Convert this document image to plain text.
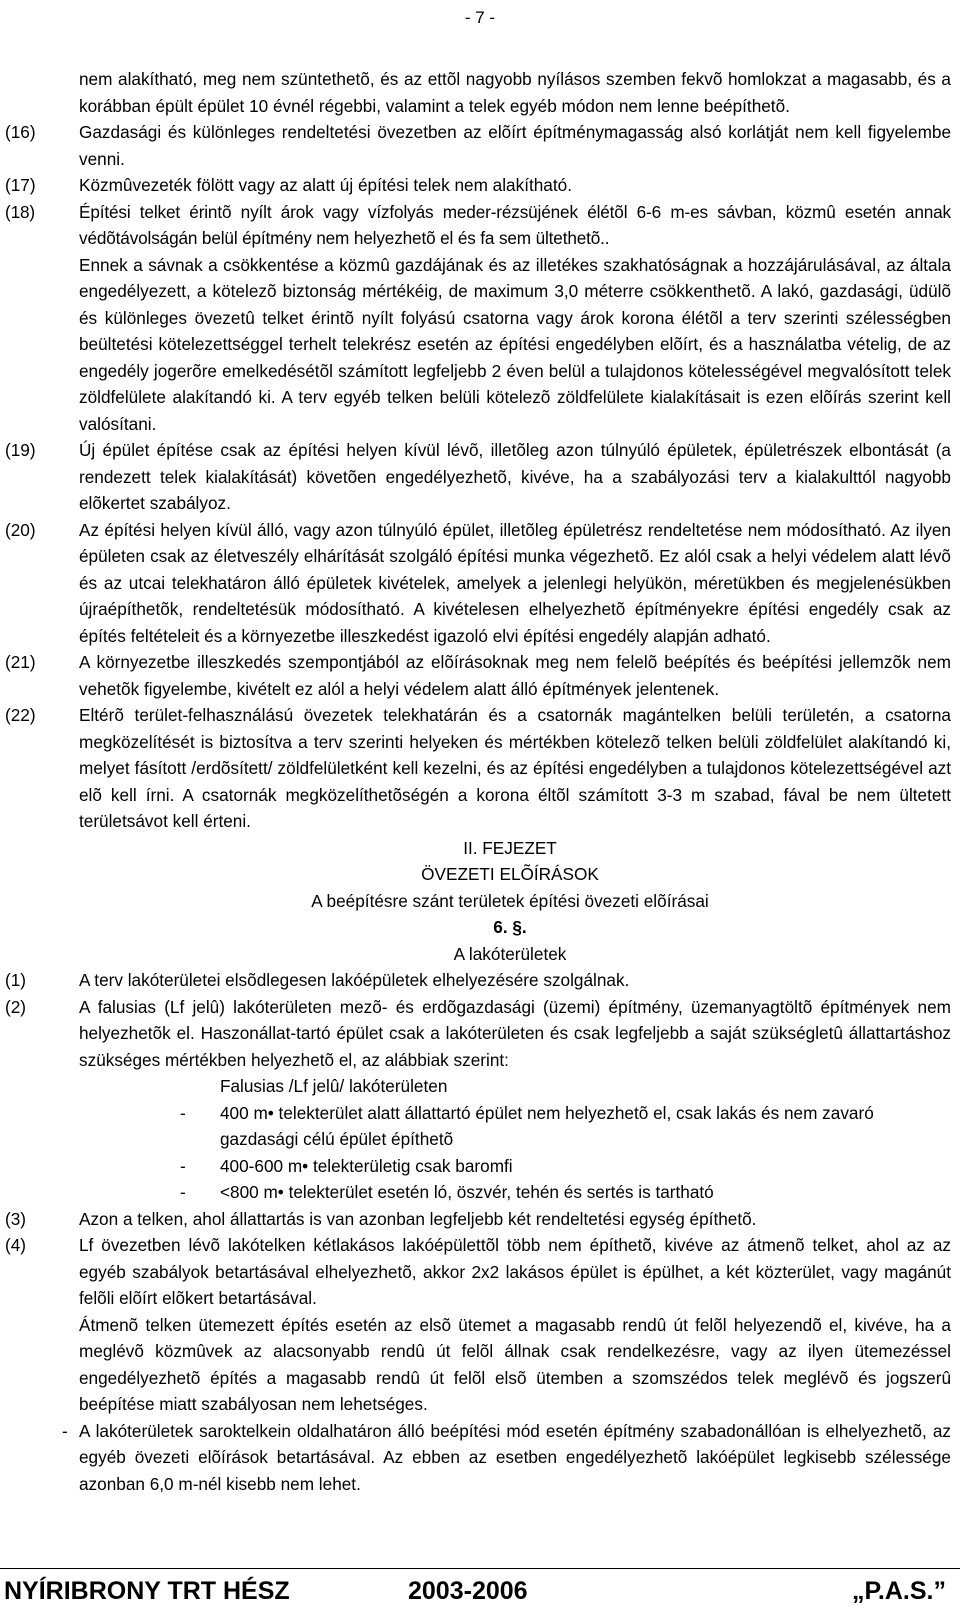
- 7 -
nem alakítható, meg nem szüntethetõ, és az ettõl nagyobb nyílásos szemben fekvõ homlokzat a magasabb, és a korábban épült épület 10 évnél régebbi, valamint a telek egyéb módon nem lenne beépíthetõ.
(16)	Gazdasági és különleges rendeltetési övezetben az elõírt építménymagasság alsó korlátját nem kell figyelembe venni.
(17)	Közmûvezeték fölött vagy az alatt új építési telek nem alakítható.
(18)	Építési telket érintõ nyílt árok vagy vízfolyás meder-rézsüjének élétõl 6-6 m-es sávban, közmû esetén annak védõtávolságán belül építmény nem helyezhetõ el és fa sem ültethetõ..
Ennek a sávnak a csökkentése a közmû gazdájának és az illetékes szakhatóságnak a hozzájárulásával, az általa engedélyezett, a kötelezõ biztonság mértékéig, de maximum 3,0 méterre csökkenthetõ. A lakó, gazdasági, üdülõ és különleges övezetû telket érintõ nyílt folyású csatorna vagy árok korona élétõl a terv szerinti szélességben beültetési kötelezettséggel terhelt telekrész esetén az építési engedélyben elõírt, és a használatba vételig, de az engedély jogerõre emelkedésétõl számított legfeljebb 2 éven belül a tulajdonos kötelességével megvalósított telek zöldfelülete alakítandó ki. A terv egyéb telken belüli kötelezõ zöldfelülete kialakításait is ezen elõírás szerint kell valósítani.
(19)	Új épület építése csak az építési helyen kívül lévõ, illetõleg azon túlnyúló épületek, épületrészek elbontását (a rendezett telek kialakítását) követõen engedélyezhetõ, kivéve, ha a szabályozási terv a kialakulttól nagyobb elõkertet szabályoz.
(20)	Az építési helyen kívül álló, vagy azon túlnyúló épület, illetõleg épületrész rendeltetése nem módosítható. Az ilyen épületen csak az életveszély elhárítását szolgáló építési munka végezhetõ. Ez alól csak a helyi védelem alatt lévõ és az utcai telekhatáron álló épületek kivételek, amelyek a jelenlegi helyükön, méretükben és megjelenésükben újraépíthetõk, rendeltetésük módosítható. A kivételesen elhelyezhetõ építményekre építési engedély csak az építés feltételeit és a környezetbe illeszkedést igazoló elvi építési engedély alapján adható.
(21)	A környezetbe illeszkedés szempontjából az elõírásoknak meg nem felelõ beépítés és beépítési jellemzõk nem vehetõk figyelembe, kivételt ez alól a helyi védelem alatt álló építmények jelentenek.
(22)	Eltérõ terület-felhasználású övezetek telekhatárán és a csatornák magántelken belüli területén, a csatorna megközelítését is biztosítva a terv szerinti helyeken és mértékben kötelezõ telken belüli zöldfelület alakítandó ki, melyet fásított /erdõsített/ zöldfelületként kell kezelni, és az építési engedélyben a tulajdonos kötelezettségével azt elõ kell írni. A csatornák megközelíthetõségén a korona éltõl számított 3-3 m szabad, fával be nem ültetett területsávot kell érteni.
II. FEJEZET
ÖVEZETI ELÕÍRÁSOK
A beépítésre szánt területek építési övezeti elõírásai
6. §.
A lakóterületek
(1)	A terv lakóterületei elsõdlegesen lakóépületek elhelyezésére szolgálnak.
(2)	A falusias (Lf jelû) lakóterületen mezõ- és erdõgazdasági (üzemi) építmény, üzemanyagtöltõ építmények nem helyezhetõk el. Haszonállat-tartó épület csak a lakóterületen és csak legfeljebb a saját szükségletû állattartáshoz szükséges mértékben helyezhetõ el, az alábbiak szerint:
Falusias /Lf jelû/ lakóterületen
- 400 m• telekterület alatt állattartó épület nem helyezhetõ el, csak lakás és nem zavaró gazdasági célú épület építhetõ
- 400-600 m• telekterületig csak baromfi
- <800 m• telekterület esetén ló, öszvér, tehén és sertés is tartható
(3)	Azon a telken, ahol állattartás is van azonban legfeljebb két rendeltetési egység építhetõ.
(4)	Lf övezetben lévõ lakótelken kétlakásos lakóépülettõl több nem építhetõ, kivéve az átmenõ telket, ahol az az egyéb szabályok betartásával elhelyezhetõ, akkor 2x2 lakásos épület is épülhet, a két közterület, vagy magánút felõli elõírt elõkert betartásával.
Átmenõ telken ütemezett építés esetén az elsõ ütemet a magasabb rendû út felõl helyezendõ el, kivéve, ha a meglévõ közmûvek az alacsonyabb rendû út felõl állnak csak rendelkezésre, vagy az ilyen ütemezéssel engedélyezhetõ építés a magasabb rendû út felõl elsõ ütemben a szomszédos telek meglévõ és jogszerû beépítése miatt szabályosan nem lehetséges.
- A lakóterületek saroktelkein oldalhatáron álló beépítési mód esetén építmény szabadonállóan is elhelyezhetõ, az egyéb övezeti elõírások betartásával. Az ebben az esetben engedélyezhetõ lakóépület legkisebb szélessége azonban 6,0 m-nél kisebb nem lehet.
NYÍRIBRONY TRT HÉSZ	2003-2006	„P.A.S.”
